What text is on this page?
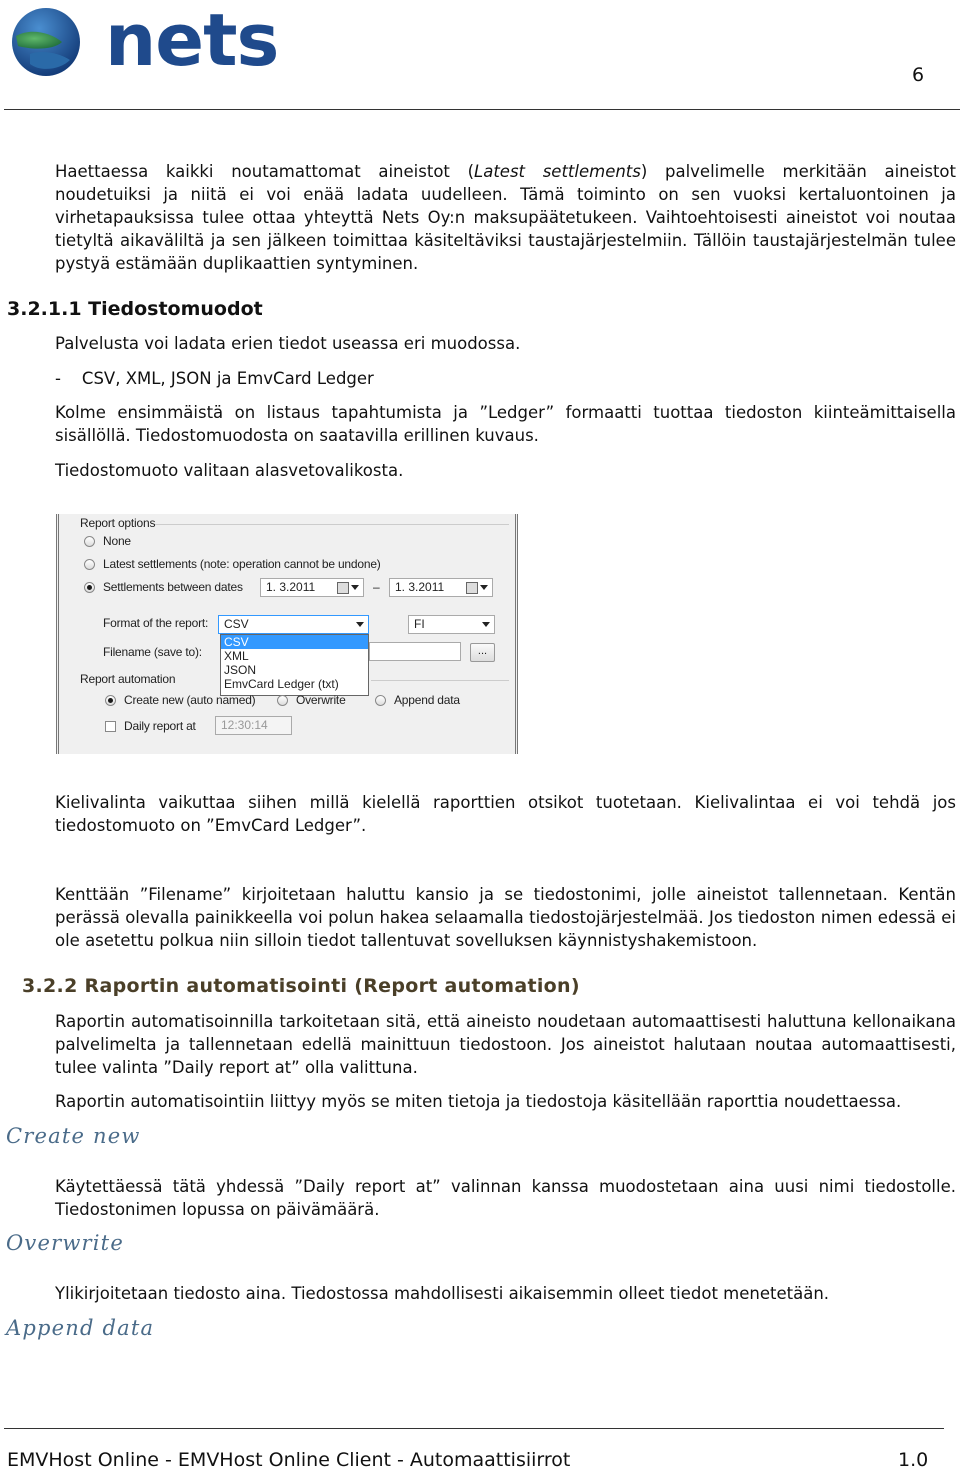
nets	6
Haettaessa kaikki noutamattomat aineistot (Latest settlements) palvelimelle merkitään aineistot noudetuiksi ja niitä ei voi enää ladata uudelleen. Tämä toiminto on sen vuoksi kertaluontoinen ja virhetapauksissa tulee ottaa yhteyttä Nets Oy:n maksupäätetukeen. Vaihtoehtoisesti aineistot voi noutaa tietyltä aikaväliltä ja sen jälkeen toimittaa käsiteltäviksi taustajärjestelmiin. Tällöin taustajärjestelmän tulee pystyä estämään duplikaattien syntyminen.
3.2.1.1 Tiedostomuodot
Palvelusta voi ladata erien tiedot useassa eri muodossa.
-    CSV, XML, JSON ja EmvCard Ledger
Kolme ensimmäistä on listaus tapahtumista ja ”Ledger” formaatti tuottaa tiedoston kiinteämittaisella sisällöllä. Tiedostomuodosta on saatavilla erillinen kuvaus.
Tiedostomuoto valitaan alasvetovalikosta.
Report options
None
Latest settlements (note: operation cannot be undone)
Settlements between dates	1. 3.2011	–	1. 3.2011
Format of the report:	CSV	FI
Filename (save to):	...
CSV
XML
JSON
EmvCard Ledger (txt)
Report automation
Create new (auto named)	Overwrite	Append data
Daily report at	12:30:14
Kielivalinta vaikuttaa siihen millä kielellä raporttien otsikot tuotetaan. Kielivalintaa ei voi tehdä jos tiedostomuoto on ”EmvCard Ledger”.
Kenttään ”Filename” kirjoitetaan haluttu kansio ja se tiedostonimi, jolle aineistot tallennetaan. Kentän perässä olevalla painikkeella voi polun hakea selaamalla tiedostojärjestelmää. Jos tiedoston nimen edessä ei ole asetettu polkua niin silloin tiedot tallentuvat sovelluksen käynnistyshakemistoon.
3.2.2 Raportin automatisointi (Report automation)
Raportin automatisoinnilla tarkoitetaan sitä, että aineisto noudetaan automaattisesti haluttuna kellonaikana palvelimelta ja tallennetaan edellä mainittuun tiedostoon. Jos aineistot halutaan noutaa automaattisesti, tulee valinta ”Daily report at” olla valittuna.
Raportin automatisointiin liittyy myös se miten tietoja ja tiedostoja käsitellään raporttia noudettaessa.
Create new
Käytettäessä tätä yhdessä ”Daily report at” valinnan kanssa muodostetaan aina uusi nimi tiedostolle. Tiedostonimen lopussa on päivämäärä.
Overwrite
Ylikirjoitetaan tiedosto aina. Tiedostossa mahdollisesti aikaisemmin olleet tiedot menetetään.
Append data
EMVHost Online - EMVHost Online Client - Automaattisiirrot	1.0
